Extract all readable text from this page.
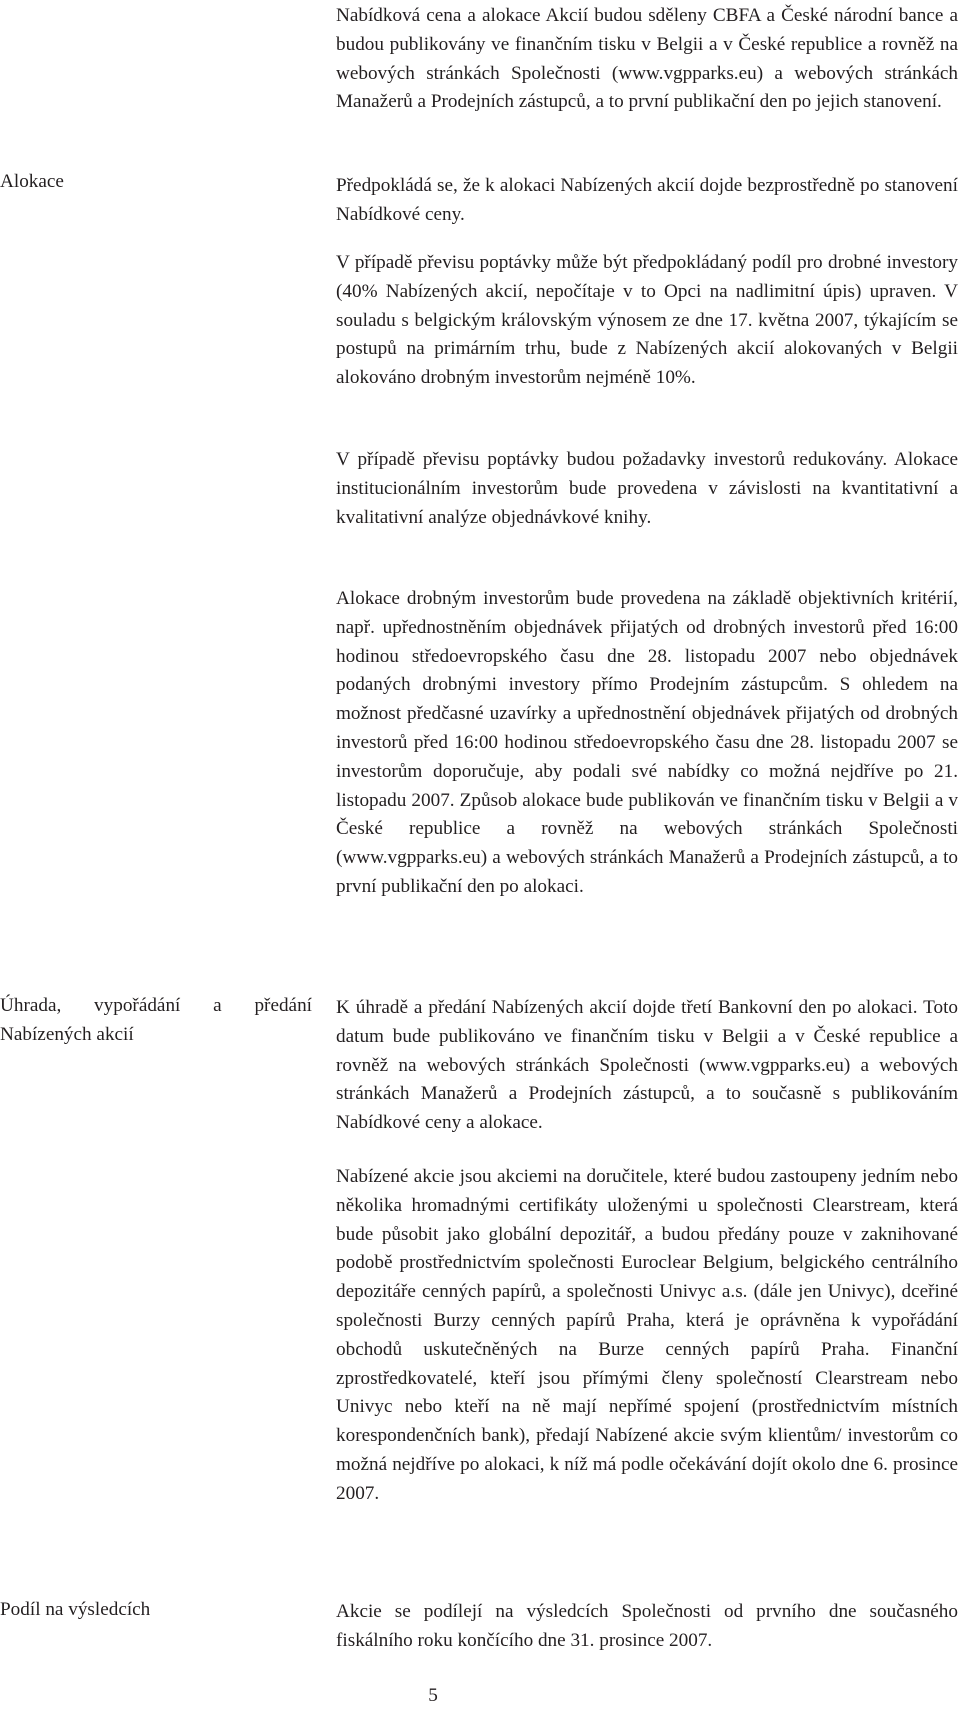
Nabídková cena a alokace Akcií budou sděleny CBFA a České národní bance a budou publikovány ve finančním tisku v Belgii a v České republice a rovněž na webových stránkách Společnosti (www.vgpparks.eu) a webových stránkách Manažerů a Prodejních zástupců, a to první publikační den po jejich stanovení.

Alokace	Předpokládá se, že k alokaci Nabízených akcií dojde bezprostředně po stanovení Nabídkové ceny.

V případě převisu poptávky může být předpokládaný podíl pro drobné investory (40% Nabízených akcií, nepočítaje v to Opci na nadlimitní úpis) upraven. V souladu s belgickým královským výnosem ze dne 17. května 2007, týkajícím se postupů na primárním trhu, bude z Nabízených akcií alokovaných v Belgii alokováno drobným investorům nejméně 10%.

V případě převisu poptávky budou požadavky investorů redukovány. Alokace institucionálním investorům bude provedena v závislosti na kvantitativní a kvalitativní analýze objednávkové knihy.

Alokace drobným investorům bude provedena na základě objektivních kritérií, např. upřednostněním objednávek přijatých od drobných investorů před 16:00 hodinou středoevropského času dne 28. listopadu 2007 nebo objednávek podaných drobnými investory přímo Prodejním zástupcům. S ohledem na možnost předčasné uzavírky a upřednostnění objednávek přijatých od drobných investorů před 16:00 hodinou středoevropského času dne 28. listopadu 2007 se investorům doporučuje, aby podali své nabídky co možná nejdříve po 21. listopadu 2007. Způsob alokace bude publikován ve finančním tisku v Belgii a v České republice a rovněž na webových stránkách Společnosti (www.vgpparks.eu) a webových stránkách Manažerů a Prodejních zástupců, a to první publikační den po alokaci.

Úhrada, vypořádání a předání Nabízených akcií

K úhradě a předání Nabízených akcií dojde třetí Bankovní den po alokaci. Toto datum bude publikováno ve finančním tisku v Belgii a v České republice a rovněž na webových stránkách Společnosti (www.vgpparks.eu) a webových stránkách Manažerů a Prodejních zástupců, a to současně s publikováním Nabídkové ceny a alokace.

Nabízené akcie jsou akciemi na doručitele, které budou zastoupeny jedním nebo několika hromadnými certifikáty uloženými u společnosti Clearstream, která bude působit jako globální depozitář, a budou předány pouze v zaknihované podobě prostřednictvím společnosti Euroclear Belgium, belgického centrálního depozitáře cenných papírů, a společnosti Univyc a.s. (dále jen Univyc), dceřiné společnosti Burzy cenných papírů Praha, která je oprávněna k vypořádání obchodů uskutečněných na Burze cenných papírů Praha. Finanční zprostředkovatelé, kteří jsou přímými členy společností Clearstream nebo Univyc nebo kteří na ně mají nepřímé spojení (prostřednictvím místních korespondenčních bank), předají Nabízené akcie svým klientům/ investorům co možná nejdříve po alokaci, k níž má podle očekávání dojít okolo dne 6. prosince 2007.

Podíl na výsledcích	Akcie se podílejí na výsledcích Společnosti od prvního dne současného fiskálního roku končícího dne 31. prosince 2007.

5
